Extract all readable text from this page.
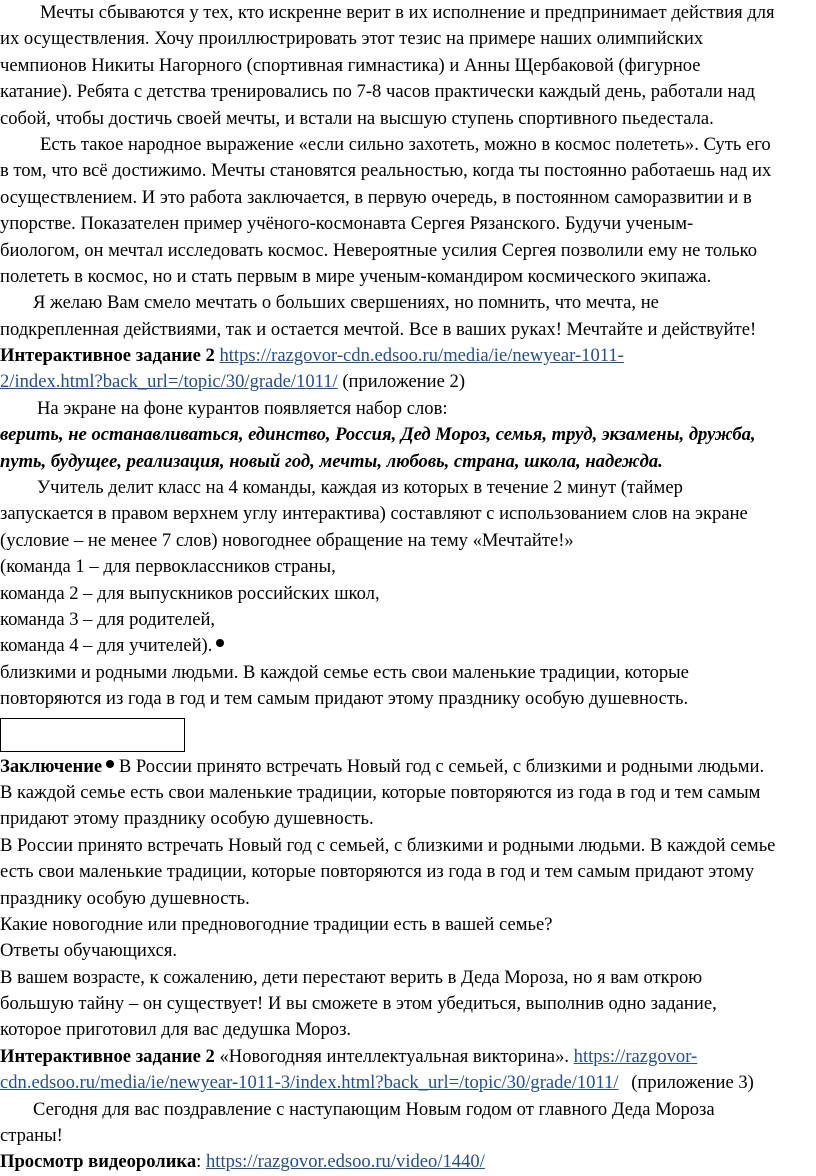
Мечты сбываются у тех, кто искренне верит в их исполнение и предпринимает действия для
их осуществления. Хочу проиллюстрировать этот тезис на примере наших олимпийских
чемпионов Никиты Нагорного (спортивная гимнастика) и Анны Щербаковой (фигурное
катание). Ребята с детства тренировались по 7-8 часов практически каждый день, работали над
собой, чтобы достичь своей мечты, и встали на высшую ступень спортивного пьедестала.
Есть такое народное выражение «если сильно захотеть, можно в космос полететь». Суть его
в том, что всё достижимо. Мечты становятся реальностью, когда ты постоянно работаешь над их
осуществлением. И это работа заключается, в первую очередь, в постоянном саморазвитии и в
упорстве. Показателен пример учёного-космонавта Сергея Рязанского. Будучи ученым-
биологом, он мечтал исследовать космос. Невероятные усилия Сергея позволили ему не только
полететь в космос, но и стать первым в мире ученым-командиром космического экипажа.
Я желаю Вам смело мечтать о больших свершениях, но помнить, что мечта, не
подкрепленная действиями, так и остается мечтой. Все в ваших руках! Мечтайте и действуйте!
Интерактивное задание 2 https://razgovor-cdn.edsoo.ru/media/ie/newyear-1011-
2/index.html?back_url=/topic/30/grade/1011/ (приложение 2)
На экране на фоне курантов появляется набор слов:
верить, не останавливаться, единство, Россия, Дед Мороз, семья, труд, экзамены, дружба,
путь, будущее, реализация, новый год, мечты, любовь, страна, школа, надежда.
Учитель делит класс на 4 команды, каждая из которых в течение 2 минут (таймер
запускается в правом верхнем углу интерактива) составляют с использованием слов на экране
(условие – не менее 7 слов) новогоднее обращение на тему «Мечтайте!»
(команда 1 – для первоклассников страны,
команда 2 – для выпускников российских школ,
команда 3 – для родителей,
команда 4 – для учителей).
близкими и родными людьми. В каждой семье есть свои маленькие традиции, которые
повторяются из года в год и тем самым придают этому празднику особую душевность.
Заключение В России принято встречать Новый год с семьей, с близкими и родными людьми.
В каждой семье есть свои маленькие традиции, которые повторяются из года в год и тем самым
придают этому празднику особую душевность.
В России принято встречать Новый год с семьей, с близкими и родными людьми. В каждой семье
есть свои маленькие традиции, которые повторяются из года в год и тем самым придают этому
празднику особую душевность.
Какие новогодние или предновогодние традиции есть в вашей семье?
Ответы обучающихся.
В вашем возрасте, к сожалению, дети перестают верить в Деда Мороза, но я вам открою
большую тайну – он существует! И вы сможете в этом убедиться, выполнив одно задание,
которое приготовил для вас дедушка Мороз.
Интерактивное задание 2 «Новогодняя интеллектуальная викторина». https://razgovor-
cdn.edsoo.ru/media/ie/newyear-1011-3/index.html?back_url=/topic/30/grade/1011/ (приложение 3)
Сегодня для вас поздравление с наступающим Новым годом от главного Деда Мороза
страны!
Просмотр видеоролика: https://razgovor.edsoo.ru/video/1440/
